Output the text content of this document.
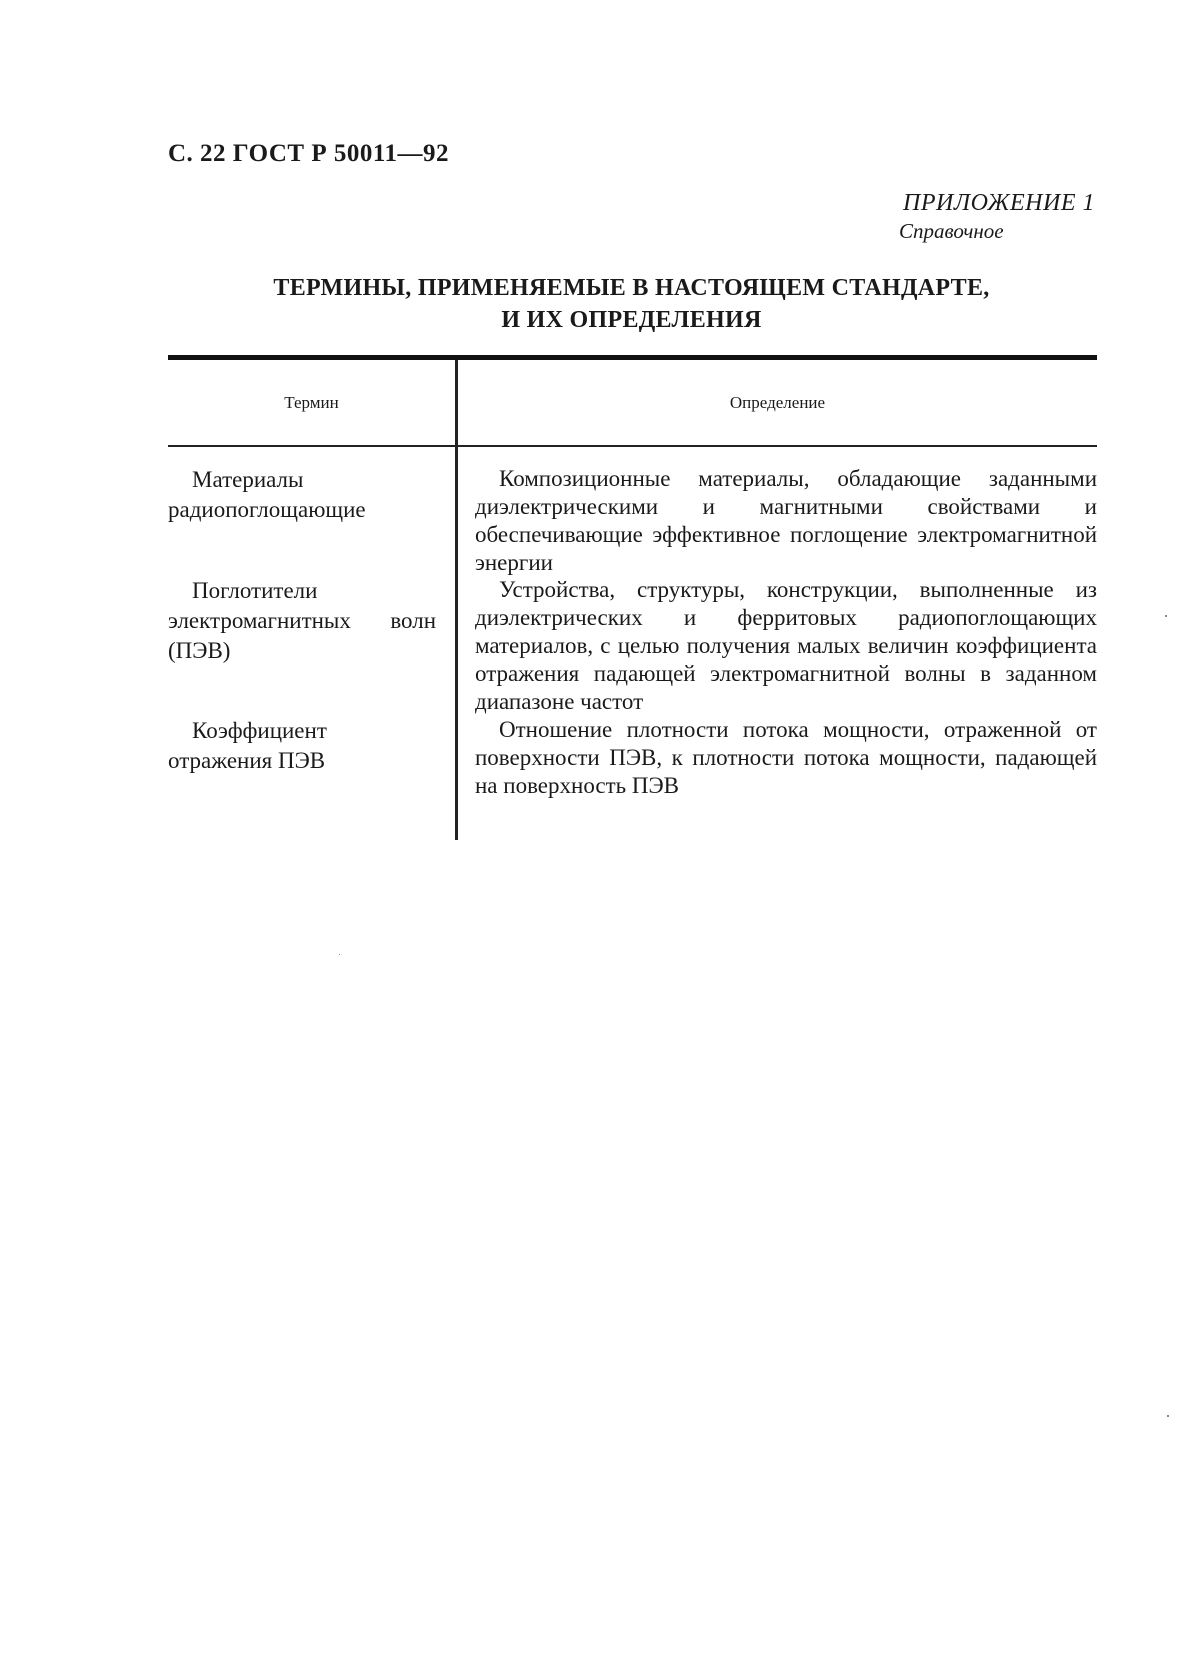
С. 22 ГОСТ Р 50011—92
ПРИЛОЖЕНИЕ 1
Справочное
ТЕРМИНЫ, ПРИМЕНЯЕМЫЕ В НАСТОЯЩЕМ СТАНДАРТЕ,
И ИХ ОПРЕДЕЛЕНИЯ
Термин	Определение
Материалы радиопоглощающие
Композиционные материалы, обладающие заданными диэлектрическими и магнитными свойствами и обеспечивающие эффективное поглощение электромагнитной энергии
Поглотители электромагнитных волн (ПЭВ)
Устройства, структуры, конструкции, выполненные из диэлектрических и ферритовых радиопоглощающих материалов, с целью получения малых величин коэффициента отражения падающей электромагнитной волны в заданном диапазоне частот
Коэффициент отражения ПЭВ
Отношение плотности потока мощности, отраженной от поверхности ПЭВ, к плотности потока мощности, падающей на поверхность ПЭВ
